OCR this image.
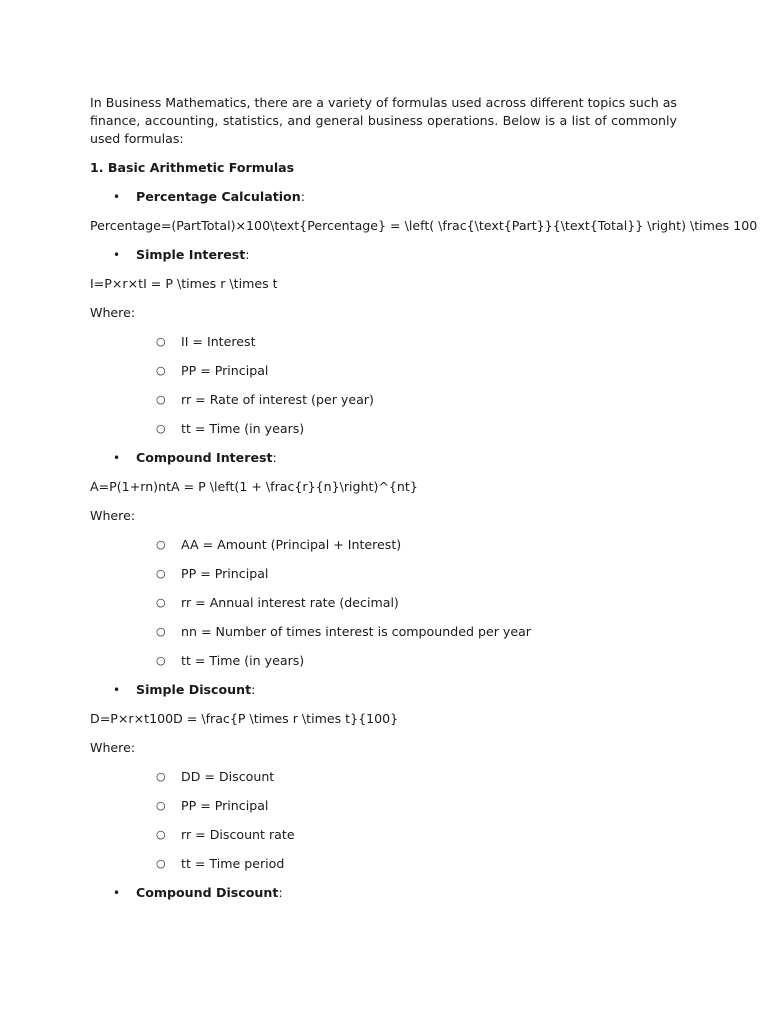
In Business Mathematics, there are a variety of formulas used across different topics such as finance, accounting, statistics, and general business operations. Below is a list of commonly used formulas:

1. Basic Arithmetic Formulas

• Percentage Calculation:

Percentage=(PartTotal)×100\text{Percentage} = \left( \frac{\text{Part}}{\text{Total}} \right) \times 100

• Simple Interest:

I=P×r×tI = P \times r \times t

Where:

○ II = Interest
○ PP = Principal
○ rr = Rate of interest (per year)
○ tt = Time (in years)
• Compound Interest:

A=P(1+rn)ntA = P \left(1 + \frac{r}{n}\right)^{nt}

Where:

○ AA = Amount (Principal + Interest)
○ PP = Principal
○ rr = Annual interest rate (decimal)
○ nn = Number of times interest is compounded per year
○ tt = Time (in years)
• Simple Discount:

D=P×r×t100D = \frac{P \times r \times t}{100}

Where:

○ DD = Discount
○ PP = Principal
○ rr = Discount rate
○ tt = Time period
• Compound Discount:
